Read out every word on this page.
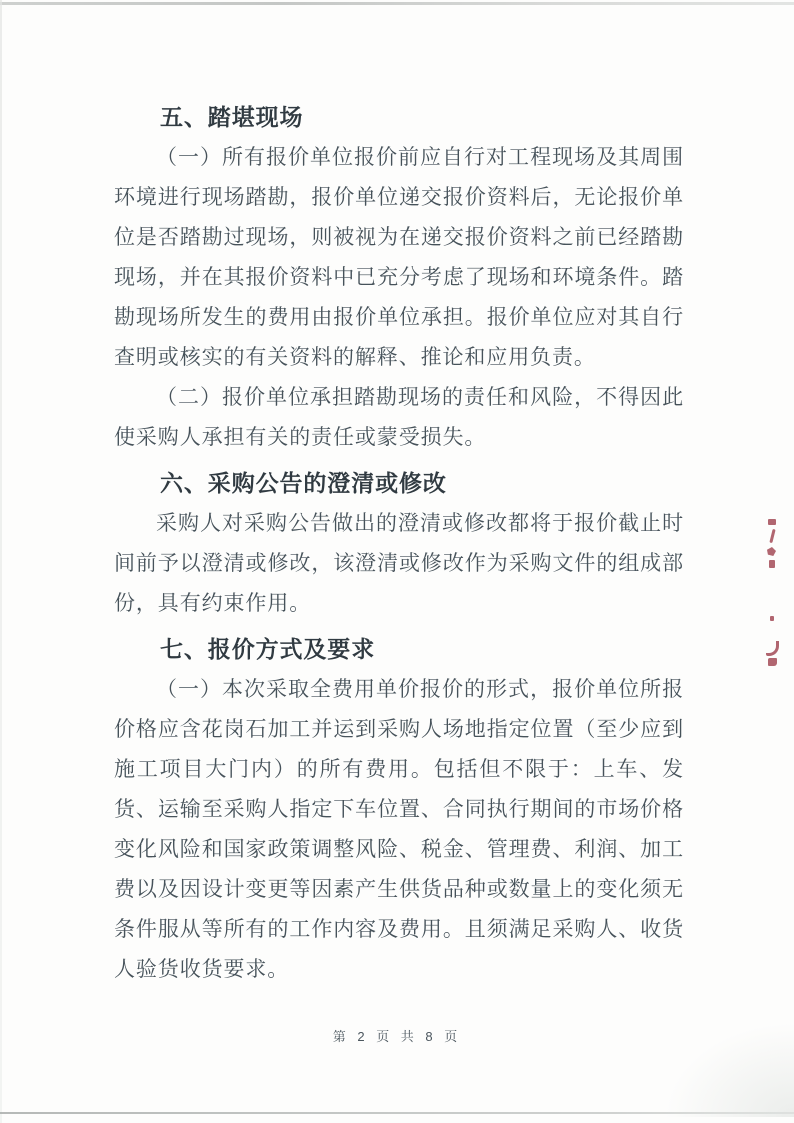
五、踏堪现场

（一）所有报价单位报价前应自行对工程现场及其周围环境进行现场踏勘，报价单位递交报价资料后，无论报价单位是否踏勘过现场，则被视为在递交报价资料之前已经踏勘现场，并在其报价资料中已充分考虑了现场和环境条件。踏勘现场所发生的费用由报价单位承担。报价单位应对其自行查明或核实的有关资料的解释、推论和应用负责。

（二）报价单位承担踏勘现场的责任和风险，不得因此使采购人承担有关的责任或蒙受损失。

六、采购公告的澄清或修改

采购人对采购公告做出的澄清或修改都将于报价截止时间前予以澄清或修改，该澄清或修改作为采购文件的组成部份，具有约束作用。

七、报价方式及要求

（一）本次采取全费用单价报价的形式，报价单位所报价格应含花岗石加工并运到采购人场地指定位置（至少应到施工项目大门内）的所有费用。包括但不限于：上车、发货、运输至采购人指定下车位置、合同执行期间的市场价格变化风险和国家政策调整风险、税金、管理费、利润、加工费以及因设计变更等因素产生供货品种或数量上的变化须无条件服从等所有的工作内容及费用。且须满足采购人、收货人验货收货要求。

第 2 页 共 8 页
